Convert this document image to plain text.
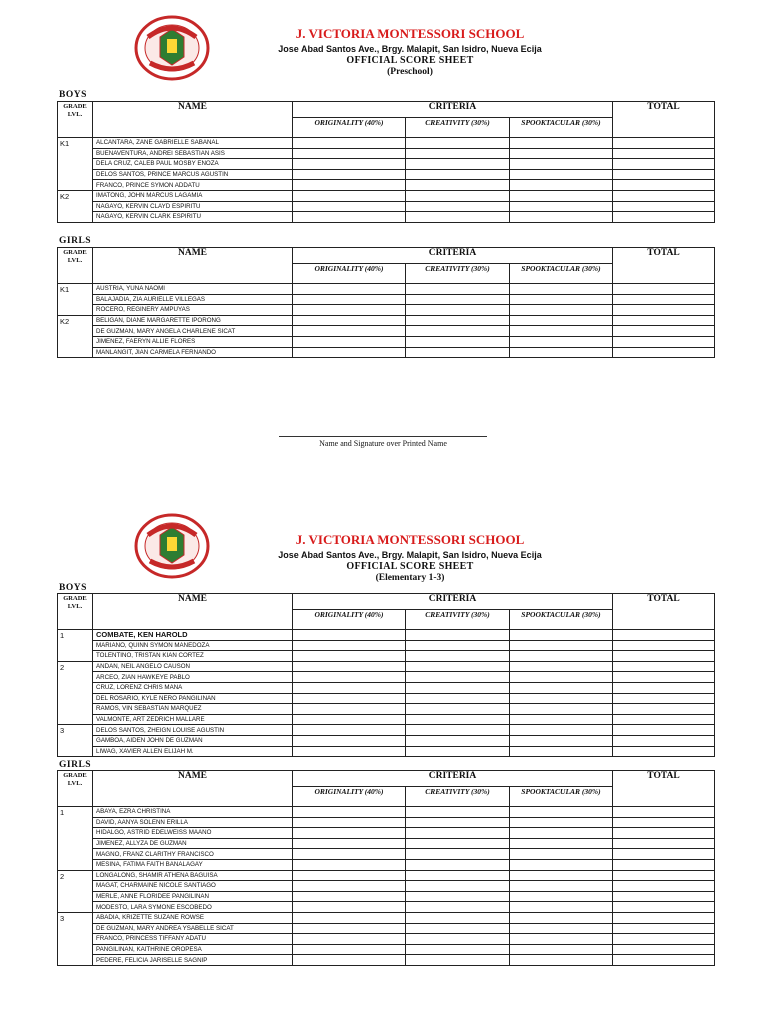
J. VICTORIA MONTESSORI SCHOOL
Jose Abad Santos Ave., Brgy. Malapit, San Isidro, Nueva Ecija
OFFICIAL SCORE SHEET
(Preschool)
BOYS
GRADE LVL.	NAME	CRITERIA			TOTAL
		ORIGINALITY (40%)	CREATIVITY (30%)	SPOOKTACULAR (30%)	
K1	ALCANTARA, ZANE GABRIELLE SABANAL				
	BUENAVENTURA, ANDREI SEBASTIAN ASIS				
	DELA CRUZ, CALEB PAUL MOSBY ENOZA				
	DELOS SANTOS, PRINCE MARCUS AGUSTIN				
	FRANCO, PRINCE SYMON ADDATU				
K2	IMATONG, JOHN MARCUS LAGAMIA				
	NAGAYO, KERVIN CLAYD ESPIRITU				
	NAGAYO, KERVIN CLARK ESPIRITU				
GIRLS
GRADE LVL.	NAME	CRITERIA			TOTAL
		ORIGINALITY (40%)	CREATIVITY (30%)	SPOOKTACULAR (30%)	
K1	AUSTRIA, YUNA NAOMI				
	BALAJADIA, ZIA AURIELLE VILLEGAS				
	ROCERO, REGINERY AMPUYAS				
K2	BELIGAN, DIANE MARGARETTE IPORONG				
	DE GUZMAN, MARY ANGELA CHARLENE SICAT				
	JIMENEZ, FAERYN ALLIE FLORES				
	MANLANGIT, JIAN CARMELA FERNANDO				
Name and Signature over Printed Name
J. VICTORIA MONTESSORI SCHOOL
Jose Abad Santos Ave., Brgy. Malapit, San Isidro, Nueva Ecija
OFFICIAL SCORE SHEET
(Elementary 1-3)
BOYS
GRADE LVL.	NAME	CRITERIA			TOTAL
		ORIGINALITY (40%)	CREATIVITY (30%)	SPOOKTACULAR (30%)	
1	COMBATE, KEN HAROLD				
	MARIANO, QUINN SYMON MANEDOZA				
	TOLENTINO, TRISTAN KIAN CORTEZ				
2	ANDAN, NEIL ANGELO CAUSON				
	ARCEO, ZIAN HAWKEYE PABLO				
	CRUZ, LORENZ CHRIS MANA				
	DEL ROSARIO, KYLE NERO PANGILINAN				
	RAMOS, VIN SEBASTIAN MARQUEZ				
	VALMONTE, ART ZEDRICH MALLARE				
3	DELOS SANTOS, ZHEIGN LOUISE AGUSTIN				
	GAMBOA, AIDEN JOHN DE GUZMAN				
	LIWAG, XAVIER ALLEN ELIJAH M.				
GIRLS
GRADE LVL.	NAME	CRITERIA			TOTAL
		ORIGINALITY (40%)	CREATIVITY (30%)	SPOOKTACULAR (30%)	
1	ABAYA, EZRA CHRISTINA				
	DAVID, AANYA SOLENN ERILLA				
	HIDALGO, ASTRID EDELWEISS MAANO				
	JIMENEZ, ALLYZA DE GUZMAN				
	MAGNO, FRANZ CLARITHY FRANCISCO				
	MESINA, FATIMA FAITH BANALAGAY				
2	LONGALONG, SHAMIR ATHENA BAGUISA				
	MAGAT, CHARMAINE NICOLE SANTIAGO				
	MERLE, ANNE FLORIDEE PANGILINAN				
	MODESTO, LARA SYMONE ESCOBEDO				
3	ABADIA, KRIZETTE SUZANE ROWSE				
	DE GUZMAN, MARY ANDREA YSABELLE SICAT				
	FRANCO, PRINCESS TIFFANY ADATU				
	PANGILINAN, KAITHRINE OROPESA				
	PEDERE, FELICIA JARISELLE SAGNIP				
